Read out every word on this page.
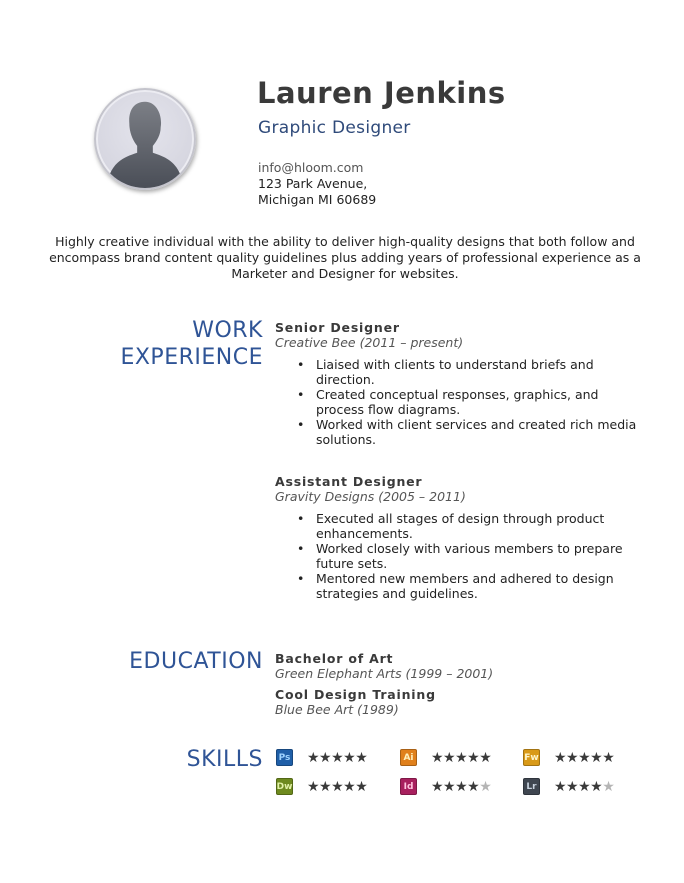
Lauren Jenkins
Graphic Designer
info@hloom.com
123 Park Avenue,
Michigan MI 60689
Highly creative individual with the ability to deliver high-quality designs that both follow and encompass brand content quality guidelines plus adding years of professional experience as a Marketer and Designer for websites.
WORK
EXPERIENCE
Senior Designer
Creative Bee (2011 – present)
• Liaised with clients to understand briefs and direction.
• Created conceptual responses, graphics, and process flow diagrams.
• Worked with client services and created rich media solutions.
Assistant Designer
Gravity Designs (2005 – 2011)
• Executed all stages of design through product enhancements.
• Worked closely with various members to prepare future sets.
• Mentored new members and adhered to design strategies and guidelines.
EDUCATION Bachelor of Art
Green Elephant Arts (1999 – 2001)
Cool Design Training
Blue Bee Art (1989)
SKILLS Ps ★★★★★	Ai ★★★★★	Fw ★★★★★
Dw ★★★★★	Id ★★★★★	Lr ★★★★★
